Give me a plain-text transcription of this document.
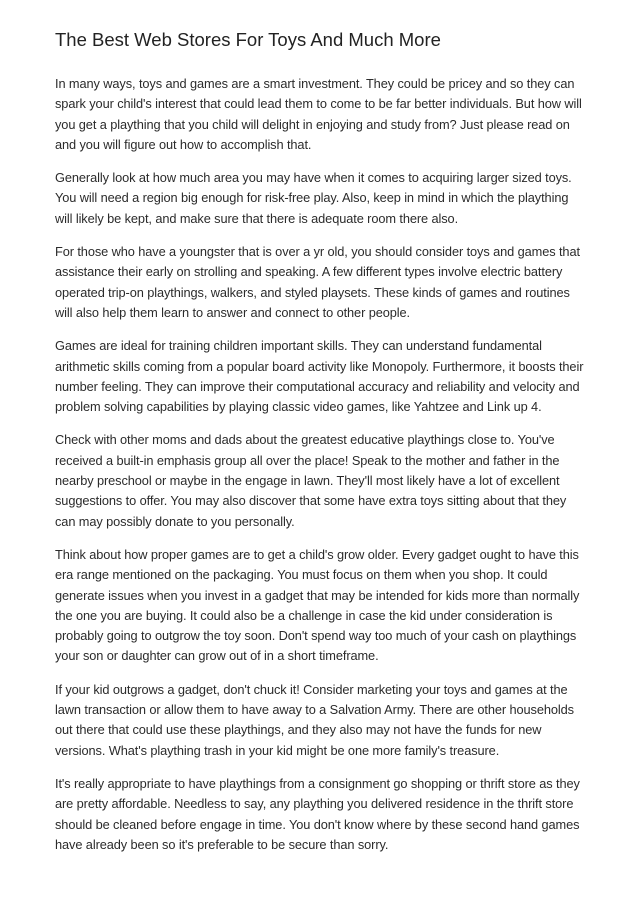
The Best Web Stores For Toys And Much More

In many ways, toys and games are a smart investment. They could be pricey and so they can spark your child's interest that could lead them to come to be far better individuals. But how will you get a plaything that you child will delight in enjoying and study from? Just please read on and you will figure out how to accomplish that.

Generally look at how much area you may have when it comes to acquiring larger sized toys. You will need a region big enough for risk-free play. Also, keep in mind in which the plaything will likely be kept, and make sure that there is adequate room there also.

For those who have a youngster that is over a yr old, you should consider toys and games that assistance their early on strolling and speaking. A few different types involve electric battery operated trip-on playthings, walkers, and styled playsets. These kinds of games and routines will also help them learn to answer and connect to other people.

Games are ideal for training children important skills. They can understand fundamental arithmetic skills coming from a popular board activity like Monopoly. Furthermore, it boosts their number feeling. They can improve their computational accuracy and reliability and velocity and problem solving capabilities by playing classic video games, like Yahtzee and Link up 4.

Check with other moms and dads about the greatest educative playthings close to. You've received a built-in emphasis group all over the place! Speak to the mother and father in the nearby preschool or maybe in the engage in lawn. They'll most likely have a lot of excellent suggestions to offer. You may also discover that some have extra toys sitting about that they can may possibly donate to you personally.

Think about how proper games are to get a child's grow older. Every gadget ought to have this era range mentioned on the packaging. You must focus on them when you shop. It could generate issues when you invest in a gadget that may be intended for kids more than normally the one you are buying. It could also be a challenge in case the kid under consideration is probably going to outgrow the toy soon. Don't spend way too much of your cash on playthings your son or daughter can grow out of in a short timeframe.

If your kid outgrows a gadget, don't chuck it! Consider marketing your toys and games at the lawn transaction or allow them to have away to a Salvation Army. There are other households out there that could use these playthings, and they also may not have the funds for new versions. What's plaything trash in your kid might be one more family's treasure.

It's really appropriate to have playthings from a consignment go shopping or thrift store as they are pretty affordable. Needless to say, any plaything you delivered residence in the thrift store should be cleaned before engage in time. You don't know where by these second hand games have already been so it's preferable to be secure than sorry.
